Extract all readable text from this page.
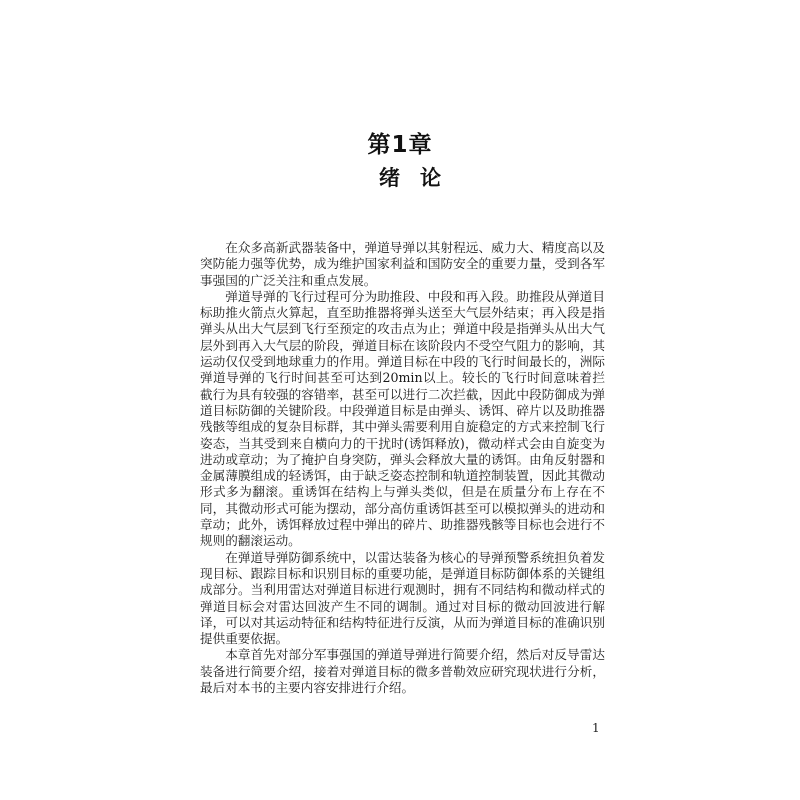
第1章
绪论

在众多高新武器装备中，弹道导弹以其射程远、威力大、精度高以及突防能力强等优势，成为维护国家利益和国防安全的重要力量，受到各军事强国的广泛关注和重点发展。

弹道导弹的飞行过程可分为助推段、中段和再入段。助推段从弹道目标助推火箭点火算起，直至助推器将弹头送至大气层外结束；再入段是指弹头从出大气层到飞行至预定的攻击点为止；弹道中段是指弹头从出大气层外到再入大气层的阶段，弹道目标在该阶段内不受空气阻力的影响，其运动仅仅受到地球重力的作用。弹道目标在中段的飞行时间最长的，洲际弹道导弹的飞行时间甚至可达到20min以上。较长的飞行时间意味着拦截行为具有较强的容错率，甚至可以进行二次拦截，因此中段防御成为弹道目标防御的关键阶段。中段弹道目标是由弹头、诱饵、碎片以及助推器残骸等组成的复杂目标群，其中弹头需要利用自旋稳定的方式来控制飞行姿态，当其受到来自横向力的干扰时(诱饵释放)，微动样式会由自旋变为进动或章动；为了掩护自身突防，弹头会释放大量的诱饵。由角反射器和金属薄膜组成的轻诱饵，由于缺乏姿态控制和轨道控制装置，因此其微动形式多为翻滚。重诱饵在结构上与弹头类似，但是在质量分布上存在不同，其微动形式可能为摆动，部分高仿重诱饵甚至可以模拟弹头的进动和章动；此外，诱饵释放过程中弹出的碎片、助推器残骸等目标也会进行不规则的翻滚运动。

在弹道导弹防御系统中，以雷达装备为核心的导弹预警系统担负着发现目标、跟踪目标和识别目标的重要功能，是弹道目标防御体系的关键组成部分。当利用雷达对弹道目标进行观测时，拥有不同结构和微动样式的弹道目标会对雷达回波产生不同的调制。通过对目标的微动回波进行解译，可以对其运动特征和结构特征进行反演，从而为弹道目标的准确识别提供重要依据。

本章首先对部分军事强国的弹道导弹进行简要介绍，然后对反导雷达装备进行简要介绍，接着对弹道目标的微多普勒效应研究现状进行分析，最后对本书的主要内容安排进行介绍。

1
